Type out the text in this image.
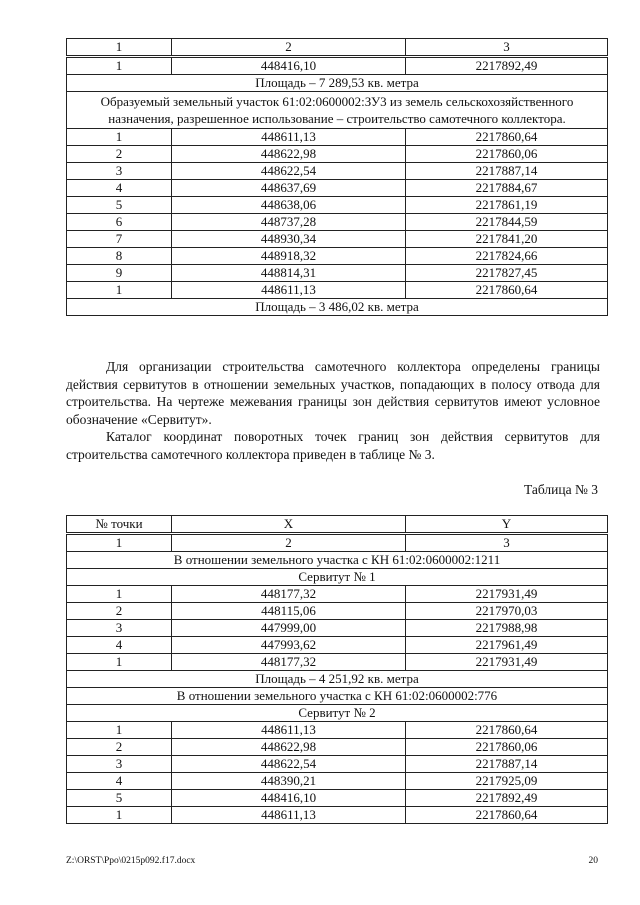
1	2	3
1	448416,10	2217892,49
Площадь – 7 289,53 кв. метра		
Образуемый земельный участок 61:02:0600002:ЗУ3 из земель сельскохозяйственного назначения, разрешенное использование – строительство самотечного коллектора.		
1	448611,13	2217860,64
2	448622,98	2217860,06
3	448622,54	2217887,14
4	448637,69	2217884,67
5	448638,06	2217861,19
6	448737,28	2217844,59
7	448930,34	2217841,20
8	448918,32	2217824,66
9	448814,31	2217827,45
1	448611,13	2217860,64
Площадь – 3 486,02 кв. метра		

Для организации строительства самотечного коллектора определены границы действия сервитутов в отношении земельных участков, попадающих в полосу отвода для строительства. На чертеже межевания границы зон действия сервитутов имеют условное обозначение «Сервитут».

Каталог координат поворотных точек границ зон действия сервитутов для строительства самотечного коллектора приведен в таблице № 3.

Таблица № 3
№ точки	X	Y
1	2	3
В отношении земельного участка с КН 61:02:0600002:1211		
Сервитут № 1		
1	448177,32	2217931,49
2	448115,06	2217970,03
3	447999,00	2217988,98
4	447993,62	2217961,49
1	448177,32	2217931,49
Площадь – 4 251,92 кв. метра		
В отношении земельного участка с КН 61:02:0600002:776		
Сервитут № 2		
1	448611,13	2217860,64
2	448622,98	2217860,06
3	448622,54	2217887,14
4	448390,21	2217925,09
5	448416,10	2217892,49
1	448611,13	2217860,64
Z:\ORST\Ppo\0215p092.f17.docx	20
